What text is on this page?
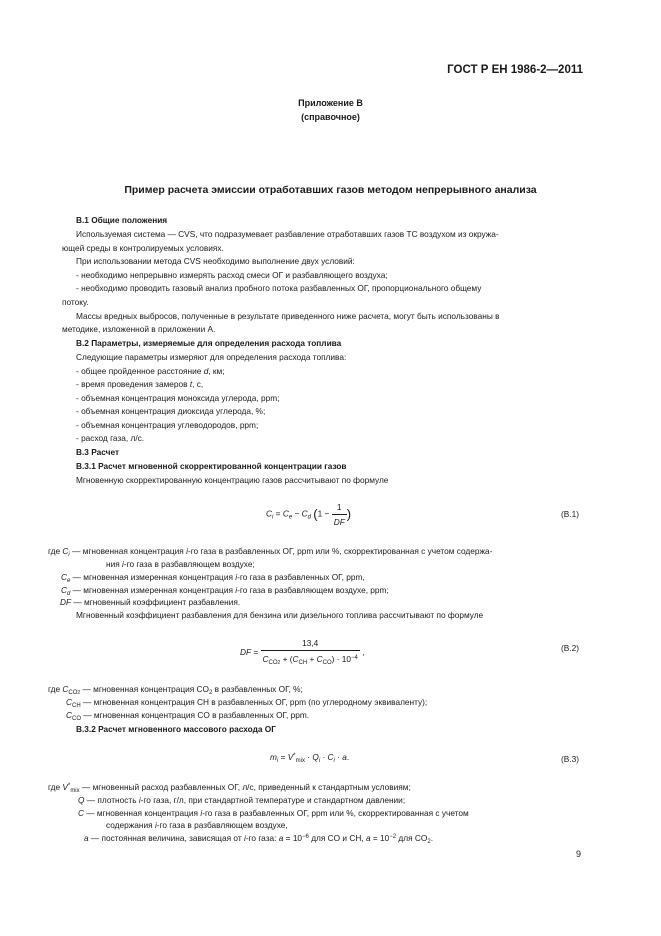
ГОСТ Р ЕН 1986-2—2011
Приложение В
(справочное)
Пример расчета эмиссии отработавших газов методом непрерывного анализа
В.1 Общие положения
Используемая система — CVS, что подразумевает разбавление отработавших газов ТС воздухом из окружа-
ющей среды в контролируемых условиях.
При использовании метода CVS необходимо выполнение двух условий:
- необходимо непрерывно измерять расход смеси ОГ и разбавляющего воздуха;
- необходимо проводить газовый анализ пробного потока разбавленных ОГ, пропорционального общему
потоку.
Массы вредных выбросов, полученные в результате приведенного ниже расчета, могут быть использованы в
методике, изложенной в приложении А.
В.2 Параметры, измеряемые для определения расхода топлива
Следующие параметры измеряют для определения расхода топлива:
- общее пройденное расстояние d, км;
- время проведения замеров t, с,
- объемная концентрация моноксида углерода, ppm;
- объемная концентрация диоксида углерода, %;
- объемная концентрация углеводородов, ppm;
- расход газа, л/с.
В.3 Расчет
В.3.1 Расчет мгновенной скорректированной концентрации газов
Мгновенную скорректированную концентрацию газов рассчитывают по формуле
$C_i = C_e - C_d$ ($1 - \frac{1}{DF}$ )	(В.1)
где $C_i$ — мгновенная концентрация i-го газа в разбавленных ОГ, ppm или %, скорректированная с учетом содержа-
ния i-го газа в разбавляющем воздухе;
$C_e$ — мгновенная измеренная концентрация i-го газа в разбавленных ОГ, ppm,
$C_d$ — мгновенная измеренная концентрация i-го газа в разбавляющем воздухе, ppm;
DF — мгновенный коэффициент разбавления.
Мгновенный коэффициент разбавления для бензина или дизельного топлива рассчитывают по формуле
DF = $\frac{13,4}{C_{CO2} + (C_{CH} + C_{CO}) \cdot 10^{-4}}$ ,	(В.2)
где $C_{CO2}$ — мгновенная концентрация $CO_2$ в разбавленных ОГ, %;
$C_{CH}$ — мгновенная концентрация CH в разбавленных ОГ, ppm (по углеродному эквиваленту);
$C_{CO}$ — мгновенная концентрация CO в разбавленных ОГ, ppm.
В.3.2 Расчет мгновенного массового расхода ОГ
$m_i = V^*_{mix} \cdot Q_i \cdot C_i \cdot a$.	(В.3)
где $V^*_{mix}$ — мгновенный расход разбавленных ОГ, л/с, приведенный к стандартным условиям;
Q — плотность i-го газа, г/л, при стандартной температуре и стандартном давлении;
C — мгновенная концентрация i-го газа в разбавленных ОГ, ppm или %, скорректированная с учетом
содержания i-го газа в разбавляющем воздухе,
a — постоянная величина, зависящая от i-го газа: $a = 10^{-6}$ для CO и CH, $a = 10^{-2}$ для $CO_2$.
9
